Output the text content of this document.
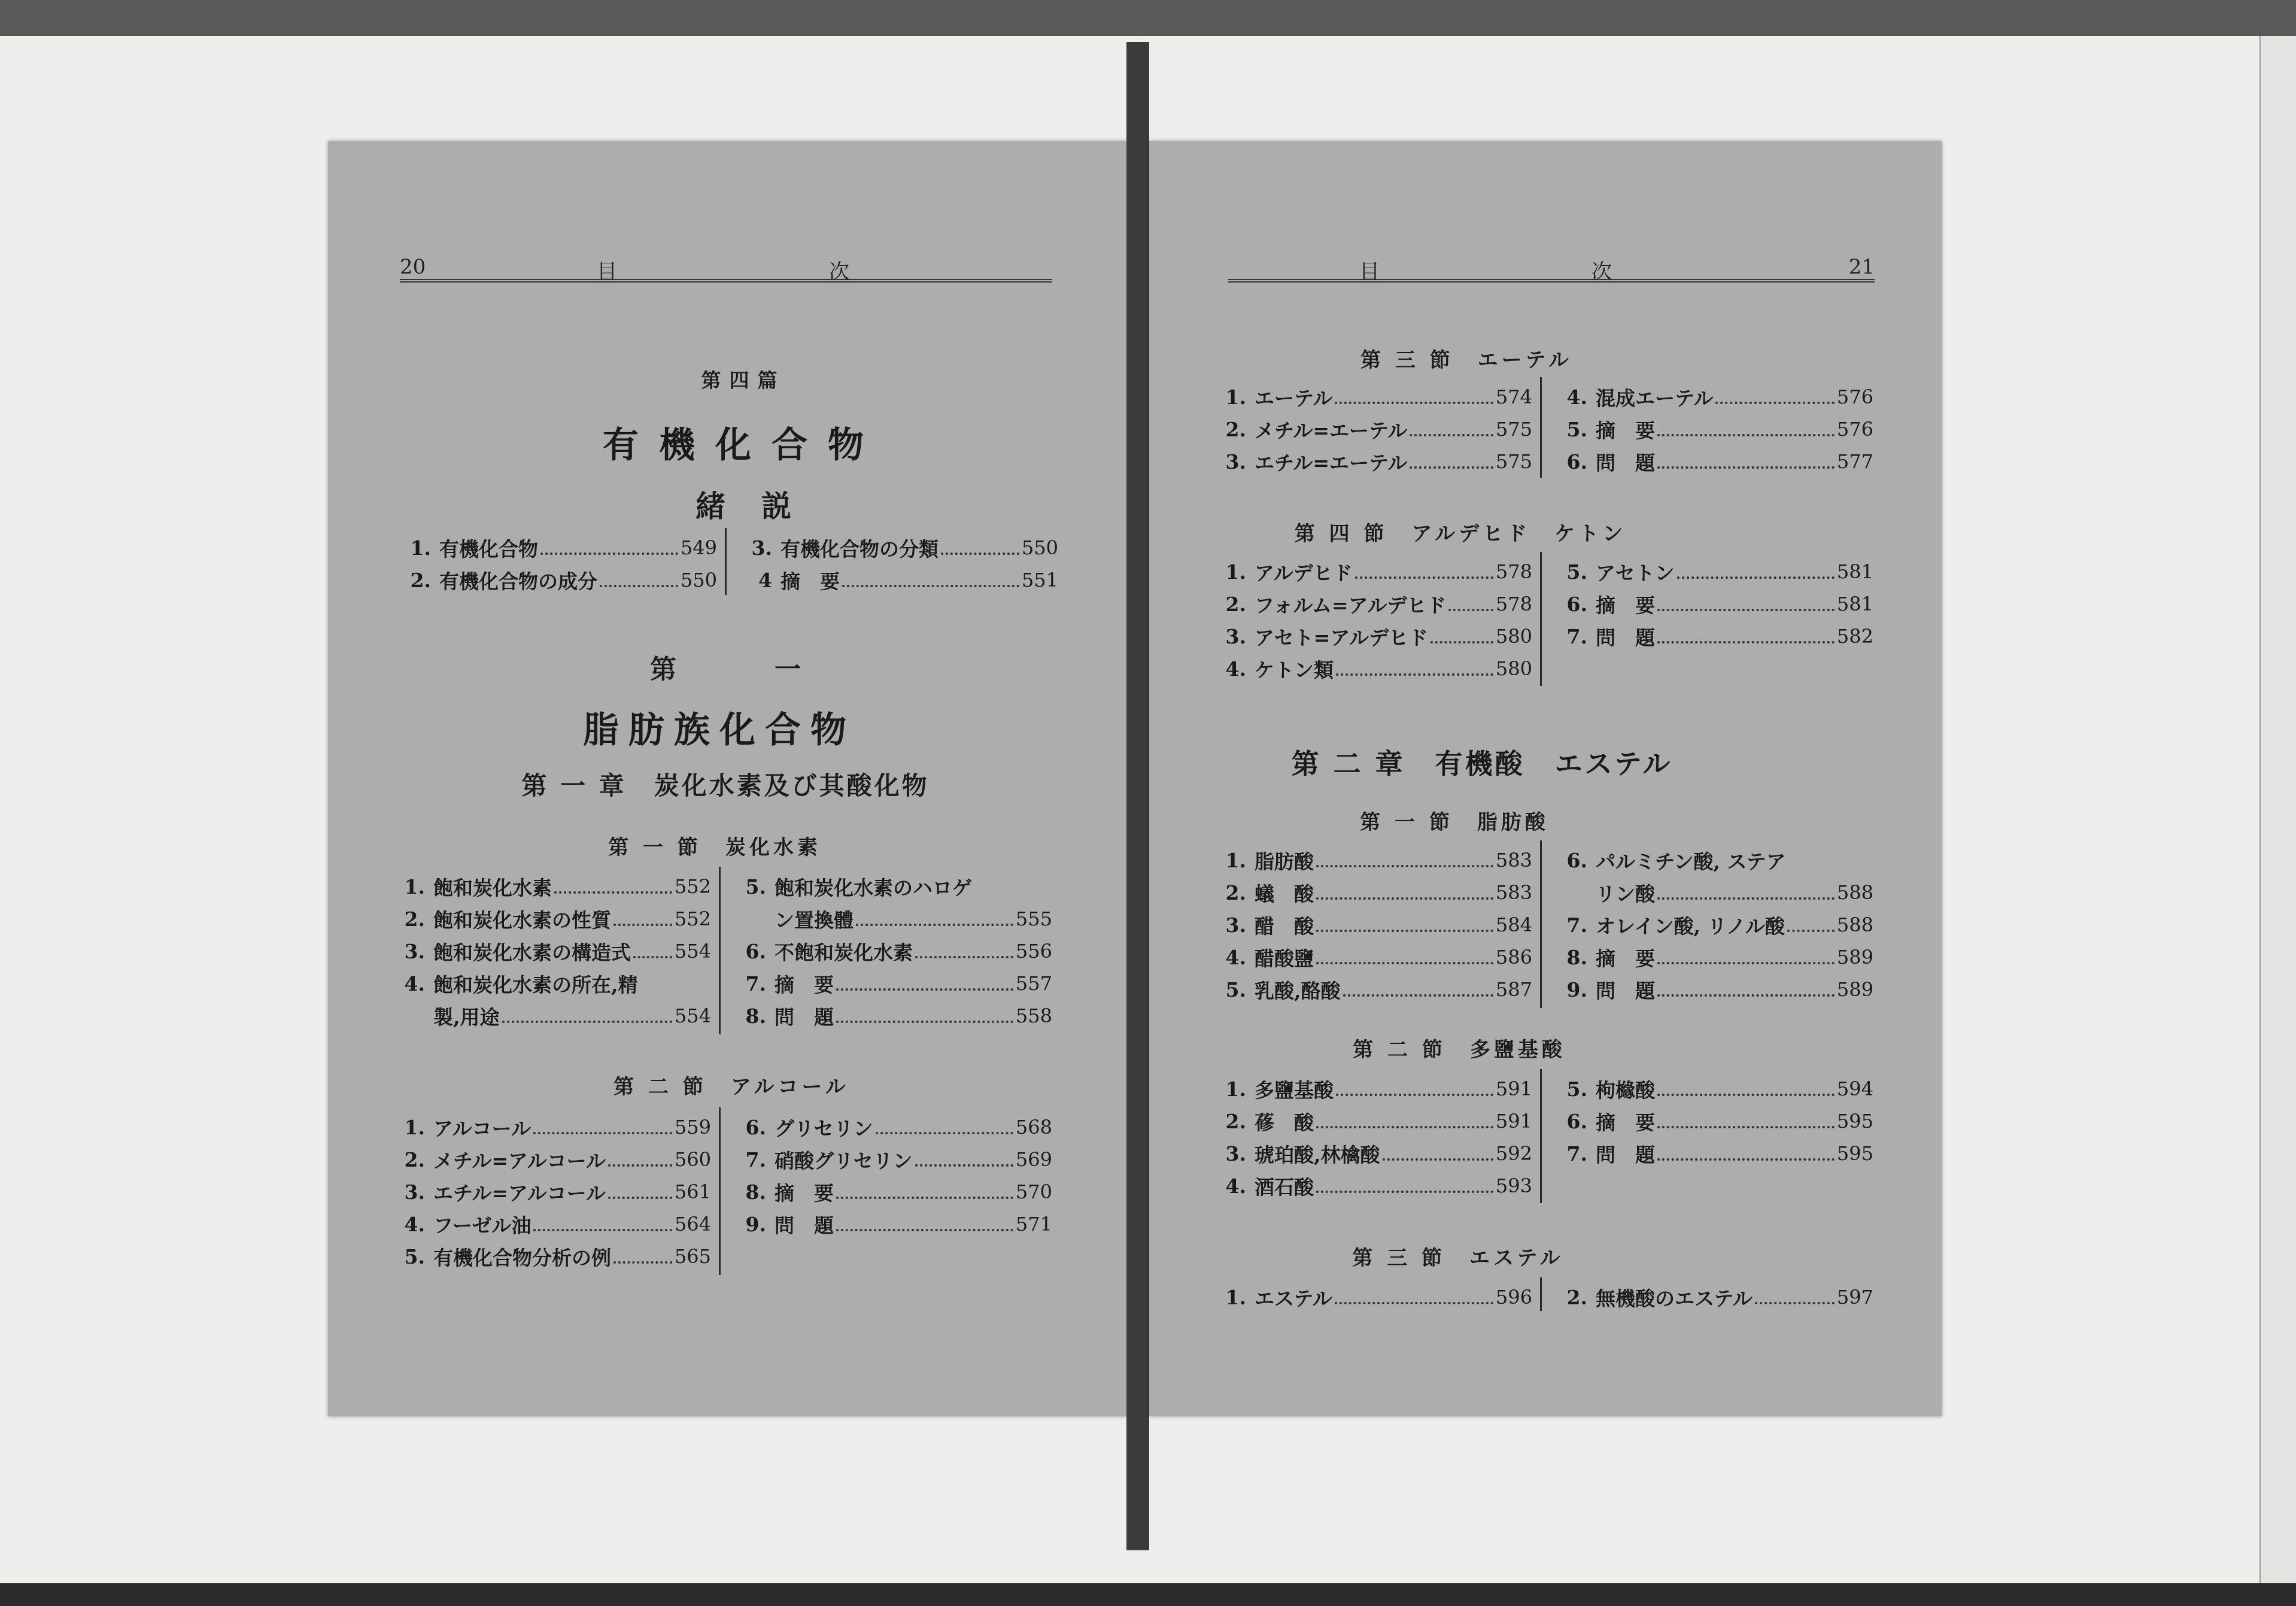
20	目　次
第四篇
有機化合物
緒説
1. 有機化合物	549
2. 有機化合物の成分	550
3. 有機化合物の分類	550
4 摘　要	551
第　一
脂肪族化合物
第 一 章　炭化水素及び其酸化物
第 一 節　炭化水素
1. 飽和炭化水素	552
2. 飽和炭化水素の性質	552
3. 飽和炭化水素の構造式 554
4. 飽和炭化水素の所在,精
製,用途	554
5. 飽和炭化水素のハロゲ
ン置換體	555
6. 不飽和炭化水素	556
7. 摘　要	557
8. 問　題	558
第 二 節　アルコール
1. アルコール	559
2. メチル=アルコール	560
3. エチル=アルコール	561
4. フーゼル油	564
5. 有機化合物分析の例	565
6. グリセリン	568
7. 硝酸グリセリン	569
8. 摘　要	570
9. 問　題	571
目　次	21
第 三 節　エーテル
1. エーテル	574
2. メチル=エーテル	575
3. エチル=エーテル	575
4. 混成エーテル	576
5. 摘　要	576
6. 問　題	577
第 四 節　アルデヒド　ケトン
1. アルデヒド	578
2. フォルム=アルデヒド	578
3. アセト=アルデヒド	580
4. ケトン類	580
5. アセトン	581
6. 摘　要	581
7. 問　題	582
第 二 章　有機酸　エステル
第 一 節　脂肪酸
1. 脂肪酸	583
2. 蟻　酸	583
3. 醋　酸	584
4. 醋酸鹽	586
5. 乳酸,酪酸	587
6. パルミチン酸, ステア
リン酸	588
7. オレイン酸, リノル酸	588
8. 摘　要	589
9. 問　題	589
第 二 節　多鹽基酸
1. 多鹽基酸	591
2. 蓚　酸	591
3. 琥珀酸,林檎酸	592
4. 酒石酸	593
5. 枸櫞酸	594
6. 摘　要	595
7. 問　題	595
第 三 節　エステル
1. エステル	596	2. 無機酸のエステル	597
